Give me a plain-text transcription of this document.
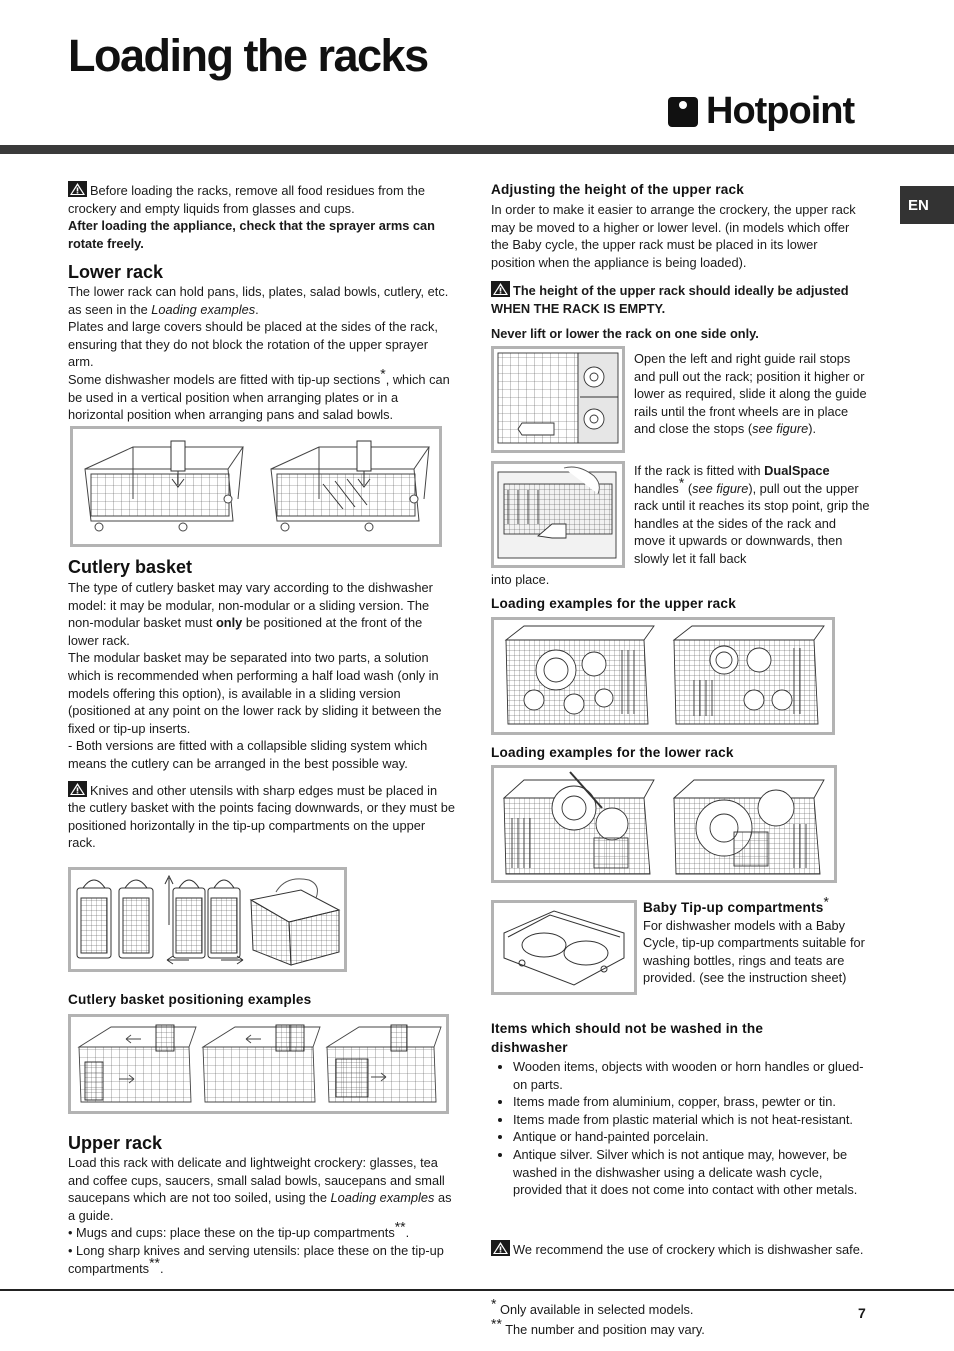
Loading the racks
Hotpoint
EN

Before loading the racks, remove all food residues from the crockery and empty liquids from glasses and cups.

After loading the appliance, check that the sprayer arms can rotate freely.

Lower rack

The lower rack can hold pans, lids, plates, salad bowls, cutlery, etc. as seen in the Loading examples.

Plates and large covers should be placed at the sides of the rack, ensuring that they do not block the rotation of the upper sprayer arm.

Some dishwasher models are fitted with tip-up sections*, which can be used in a vertical position when arranging plates or in a horizontal position when arranging pans and salad bowls.

Cutlery basket

The type of cutlery basket may vary according to the dishwasher model: it may be modular, non-modular or a sliding version. The non-modular basket must only be positioned at the front of the lower rack.

The modular basket may be separated into two parts, a solution which is recommended when performing a half load wash (only in models offering this option), is available in a sliding version (positioned at any point on the lower rack by sliding it between the fixed or tip-up inserts.

- Both versions are fitted with a collapsible sliding system which means the cutlery can be arranged in the best possible way.

Knives and other utensils with sharp edges must be placed in the cutlery basket with the points facing downwards, or they must be positioned horizontally in the tip-up compartments on the upper rack.

Cutlery basket positioning examples
Upper rack

Load this rack with delicate and lightweight crockery: glasses, tea and coffee cups, saucers, small salad bowls, saucepans and small saucepans which are not too soiled, using the Loading examples as a guide.

• Mugs and cups: place these on the tip-up compartments**.

• Long sharp knives and serving utensils: place these on the tip-up compartments**.

Adjusting the height of the upper rack

In order to make it easier to arrange the crockery, the upper rack may be moved to a higher or lower level. (in models which offer the Baby cycle, the upper rack must be placed in its lower position when the appliance is being loaded).

The height of the upper rack should ideally be adjusted WHEN THE RACK IS EMPTY.

Never lift or lower the rack on one side only.

Open the left and right guide rail stops and pull out the rack; position it higher or lower as required, slide it along the guide rails until the front wheels are in place and close the stops (see figure).

If the rack is fitted with DualSpace
handles* (see figure), pull out the upper rack until it reaches its stop point, grip the handles at the sides of the rack and move it upwards or downwards, then slowly let it fall back

into place.
Loading examples for the upper rack
Loading examples for the lower rack

Baby Tip-up compartments*

For dishwasher models with a Baby Cycle, tip-up compartments suitable for washing bottles, rings and teats are provided. (see the instruction sheet)

Items which should not be washed in the dishwasher
• Wooden items, objects with wooden or horn handles or glued-on parts.
• Items made from aluminium, copper, brass, pewter or tin.
• Items made from plastic material which is not heat-resistant.
• Antique or hand-painted porcelain.
• Antique silver. Silver which is not antique may, however, be washed in the dishwasher using a delicate wash cycle, provided that it does not come into contact with other metals.

We recommend the use of crockery which is dishwasher safe.

* Only available in selected models.
** The number and position may vary.
7
